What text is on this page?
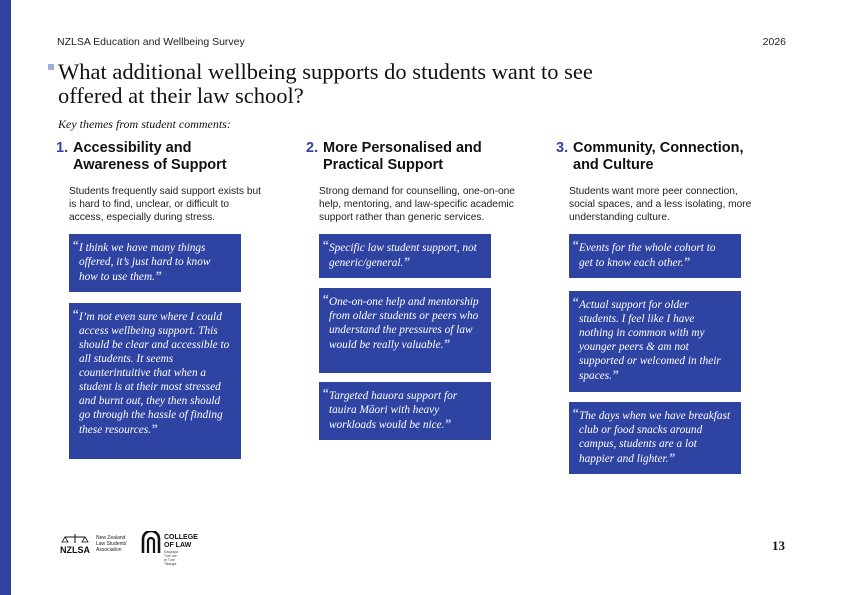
NZLSA Education and Wellbeing Survey	2026
What additional wellbeing supports do students want to see offered at their law school?
Key themes from student comments:
1. Accessibility and Awareness of Support
Students frequently said support exists but is hard to find, unclear, or difficult to access, especially during stress.
“ I think we have many things offered, it’s just hard to know how to use them.”
“ I’m not even sure where I could access wellbeing support. This should be clear and accessible to all students. It seems counterintuitive that when a student is at their most stressed and burnt out, they then should go through the hassle of finding these resources.”
2. More Personalised and Practical Support
Strong demand for counselling, one-on-one help, mentoring, and law-specific academic support rather than generic services.
“ Specific law student support, not generic/general.”
“ One-on-one help and mentorship from older students or peers who understand the pressures of law would be really valuable.”
“ Targeted hauora support for tauira Māori with heavy workloads would be nice.”
3. Community, Connection, and Culture
Students want more peer connection, social spaces, and a less isolating, more understanding culture.
“ Events for the whole cohort to get to know each other.”
“ Actual support for older students. I feel like I have nothing in common with my younger peers & am not supported or welcomed in their spaces.”
“ The days when we have breakfast club or food snacks around campus, students are a lot happier and lighter.”
NZLSA
New Zealand Law Students' Association
COLLEGE OF LAW
Kaupapa Ture me te Ture Tikanga
13
